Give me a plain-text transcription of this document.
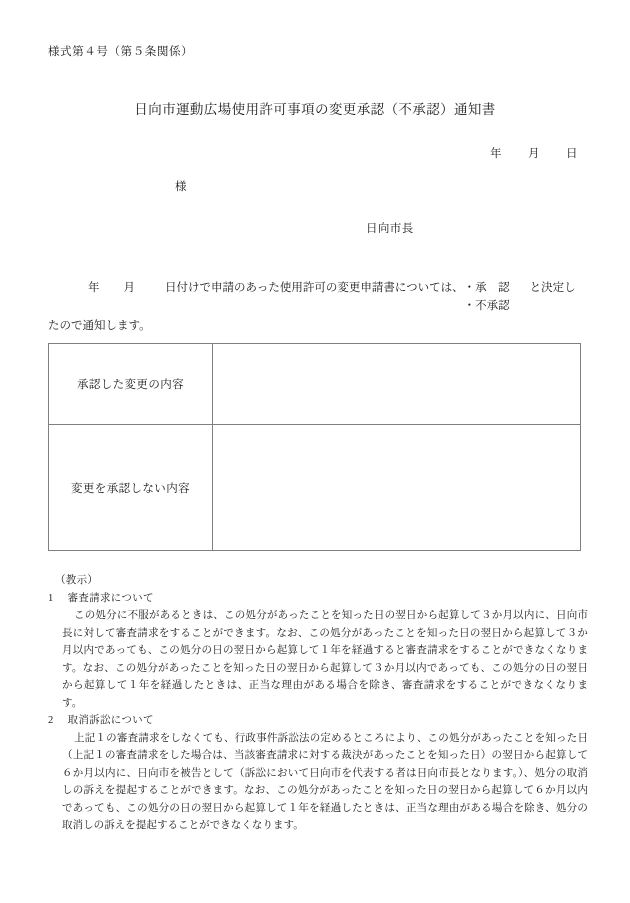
様式第４号（第５条関係）
日向市運動広場使用許可事項の変更承認（不承認）通知書
年 月 日
様
日向市長
年 月	日付けで申請のあった使用許可の変更申請書については、 ・承　認
・不承認
と決定し
たので通知します。
承認した変更の内容	
変更を承認しない内容	
（教示）
1 審査請求について
この処分に不服があるときは、この処分があったことを知った日の翌日から起算して３か月以内に、日向市長に対して審査請求をすることができます。なお、この処分があったことを知った日の翌日から起算して３か月以内であっても、この処分の日の翌日から起算して１年を経過すると審査請求をすることができなくなります。なお、この処分があったことを知った日の翌日から起算して３か月以内であっても、この処分の日の翌日から起算して１年を経過したときは、正当な理由がある場合を除き、審査請求をすることができなくなります。
2 取消訴訟について
上記１の審査請求をしなくても、行政事件訴訟法の定めるところにより、この処分があったことを知った日（上記１の審査請求をした場合は、当該審査請求に対する裁決があったことを知った日）の翌日から起算して６か月以内に、日向市を被告として（訴訟において日向市を代表する者は日向市長となります。）、処分の取消しの訴えを提起することができます。なお、この処分があったことを知った日の翌日から起算して６か月以内であっても、この処分の日の翌日から起算して１年を経過したときは、正当な理由がある場合を除き、処分の取消しの訴えを提起することができなくなります。
